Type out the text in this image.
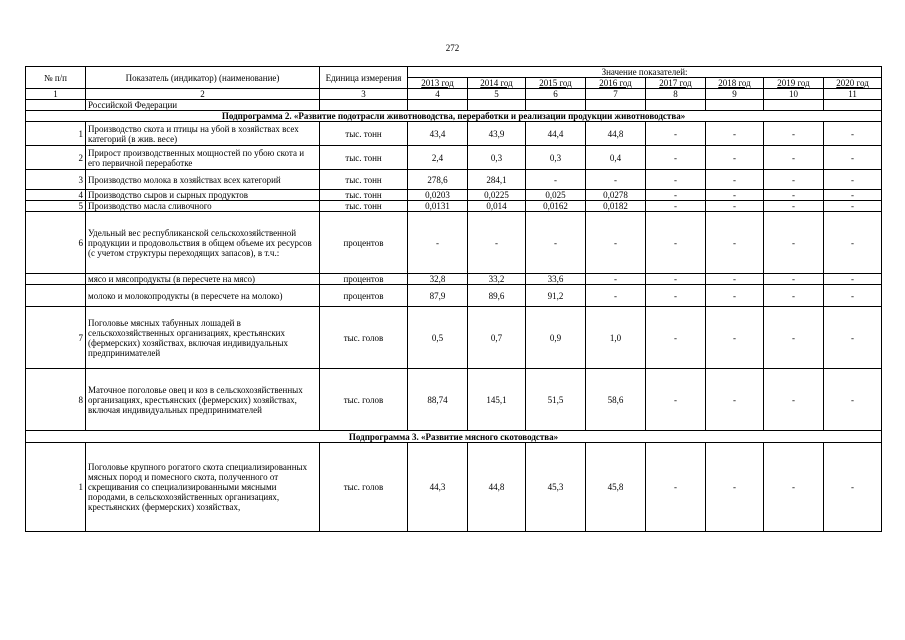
272
№ п/п	Показатель (индикатор) (наименование)	Единица измерения	Значение показателей:							
			2013 год	2014 год	2015 год	2016 год	2017 год	2018 год	2019 год	2020 год
1	2	3	4	5	6	7	8	9	10	11
	Российской Федерации									
Подпрограмма 2. «Развитие подотрасли животноводства, переработки и реализации продукции животноводства»										
1	Производство скота и птицы на убой в хозяйствах всех категорий (в жив. весе)	тыс. тонн	43,4	43,9	44,4	44,8	-	-	-	-
2	Прирост производственных мощностей по убою скота и его первичной переработке	тыс. тонн	2,4	0,3	0,3	0,4	-	-	-	-
3	Производство молока в хозяйствах всех категорий	тыс. тонн	278,6	284,1	-	-	-	-	-	-
4	Производство сыров и сырных продуктов	тыс. тонн	0,0203	0,0225	0,025	0,0278	-	-	-	-
5	Производство масла сливочного	тыс. тонн	0,0131	0,014	0,0162	0,0182	-	-	-	-
6	Удельный вес республиканской сельскохозяйственной продукции и продовольствия в общем объеме их ресурсов (с учетом структуры переходящих запасов), в т.ч.:	процентов	-	-	-	-	-	-	-	-
	мясо и мясопродукты (в пересчете на мясо)	процентов	32,8	33,2	33,6	-	-	-	-	-
	молоко и молокопродукты (в пересчете на молоко)	процентов	87,9	89,6	91,2	-	-	-	-	-
7	Поголовье мясных табунных лошадей в сельскохозяйственных организациях, крестьянских (фермерских) хозяйствах, включая индивидуальных предпринимателей	тыс. голов	0,5	0,7	0,9	1,0	-	-	-	-
8	Маточное поголовье овец и коз в сельскохозяйственных организациях, крестьянских (фермерских) хозяйствах, включая индивидуальных предпринимателей	тыс. голов	88,74	145,1	51,5	58,6	-	-	-	-
Подпрограмма 3. «Развитие мясного скотоводства»										
1	Поголовье крупного рогатого скота специализированных мясных пород и помесного скота, полученного от скрещивания со специализированными мясными породами, в сельскохозяйственных организациях, крестьянских (фермерских) хозяйствах,	тыс. голов	44,3	44,8	45,3	45,8	-	-	-	-
